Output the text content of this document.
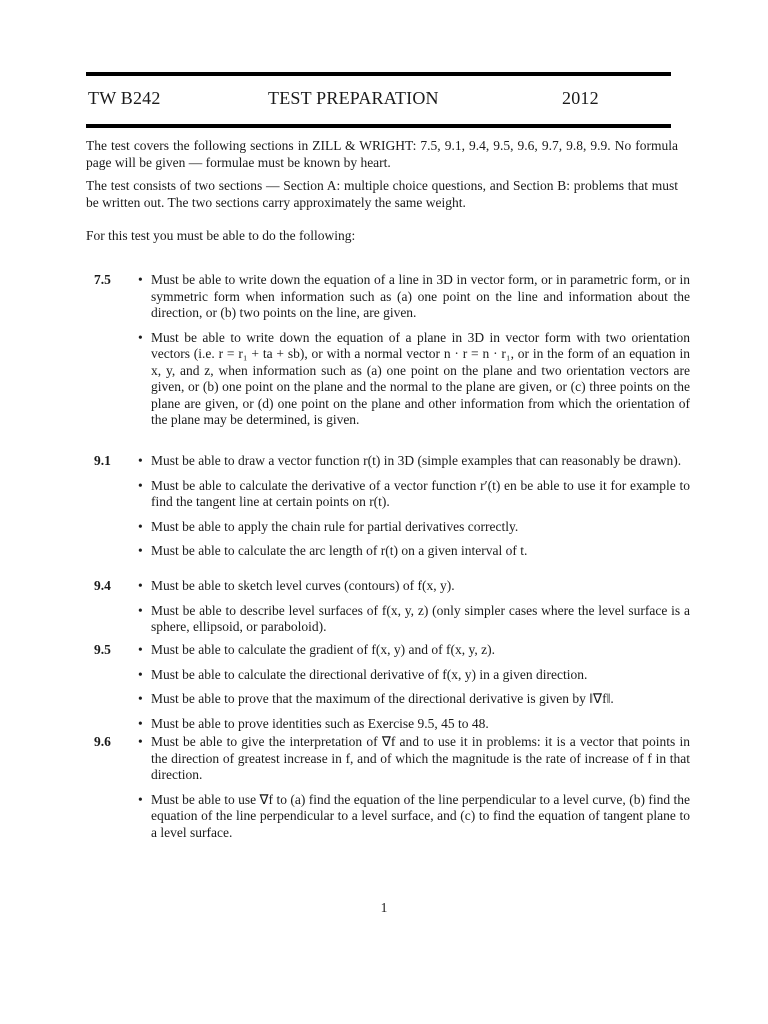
TW B242	TEST PREPARATION	2012

The test covers the following sections in ZILL & WRIGHT: 7.5, 9.1, 9.4, 9.5, 9.6, 9.7, 9.8, 9.9. No formula page will be given — formulae must be known by heart.

The test consists of two sections — Section A: multiple choice questions, and Section B: problems that must be written out. The two sections carry approximately the same weight.

For this test you must be able to do the following:

7.5 • Must be able to write down the equation of a line in 3D in vector form, or in parametric form, or in symmetric form when information such as (a) one point on the line and information about the direction, or (b) two points on the line, are given.
• Must be able to write down the equation of a plane in 3D in vector form with two orientation vectors (i.e. r = r₁ + ta + sb), or with a normal vector n · r = n · r₁, or in the form of an equation in x, y, and z, when information such as (a) one point on the plane and two orientation vectors are given, or (b) one point on the plane and the normal to the plane are given, or (c) three points on the plane are given, or (d) one point on the plane and other information from which the orientation of the plane may be determined, is given.
9.1 • Must be able to draw a vector function r(t) in 3D (simple examples that can reasonably be drawn).
• Must be able to calculate the derivative of a vector function r′(t) en be able to use it for example to find the tangent line at certain points on r(t).
• Must be able to apply the chain rule for partial derivatives correctly.
• Must be able to calculate the arc length of r(t) on a given interval of t.
9.4 • Must be able to sketch level curves (contours) of f(x, y).
• Must be able to describe level surfaces of f(x, y, z) (only simpler cases where the level surface is a sphere, ellipsoid, or paraboloid).
9.5 • Must be able to calculate the gradient of f(x, y) and of f(x, y, z).
• Must be able to calculate the directional derivative of f(x, y) in a given direction.
• Must be able to prove that the maximum of the directional derivative is given by ‖∇f‖.
• Must be able to prove identities such as Exercise 9.5, 45 to 48.
9.6 • Must be able to give the interpretation of ∇f and to use it in problems: it is a vector that points in the direction of greatest increase in f, and of which the magnitude is the rate of increase of f in that direction.
• Must be able to use ∇f to (a) find the equation of the line perpendicular to a level curve, (b) find the equation of the line perpendicular to a level surface, and (c) to find the equation of tangent plane to a level surface.
1
